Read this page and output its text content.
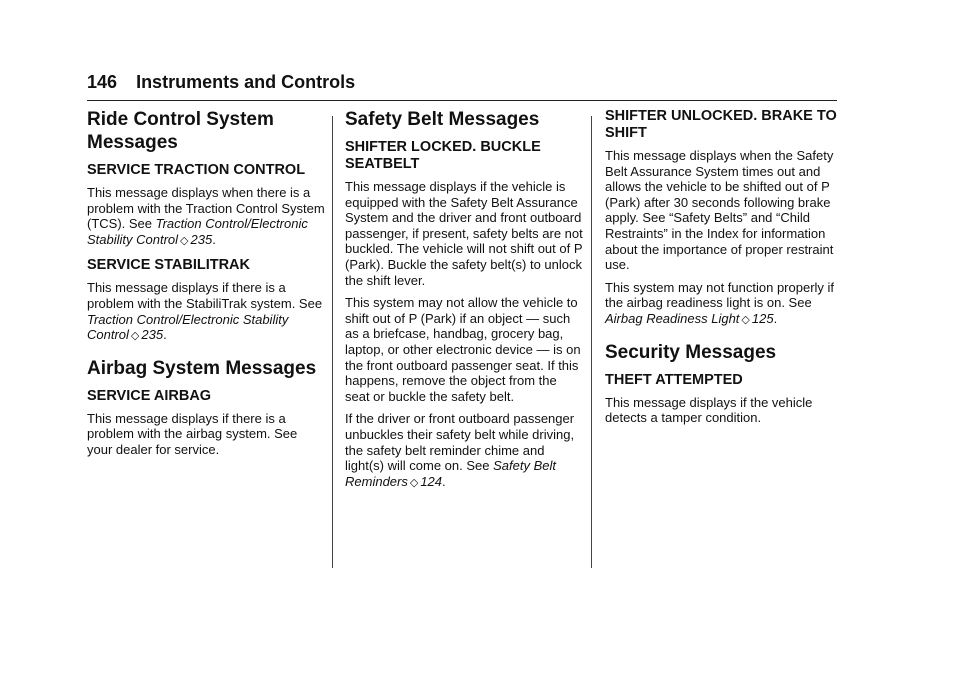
146 Instruments and Controls
Ride Control System Messages
SERVICE TRACTION CONTROL

This message displays when there is a problem with the Traction Control System (TCS). See Traction Control/Electronic Stability Control ◇ 235.

SERVICE STABILITRAK

This message displays if there is a problem with the StabiliTrak system. See Traction Control/Electronic Stability Control ◇ 235.

Airbag System Messages
SERVICE AIRBAG

This message displays if there is a problem with the airbag system. See your dealer for service.

Safety Belt Messages
SHIFTER LOCKED. BUCKLE SEATBELT

This message displays if the vehicle is equipped with the Safety Belt Assurance System and the driver and front outboard passenger, if present, safety belts are not buckled. The vehicle will not shift out of P (Park). Buckle the safety belt(s) to unlock the shift lever.

This system may not allow the vehicle to shift out of P (Park) if an object — such as a briefcase, handbag, grocery bag, laptop, or other electronic device — is on the front outboard passenger seat. If this happens, remove the object from the seat or buckle the safety belt.

If the driver or front outboard passenger unbuckles their safety belt while driving, the safety belt reminder chime and light(s) will come on. See Safety Belt Reminders ◇ 124.

SHIFTER UNLOCKED. BRAKE TO SHIFT

This message displays when the Safety Belt Assurance System times out and allows the vehicle to be shifted out of P (Park) after 30 seconds following brake apply. See “Safety Belts” and “Child Restraints” in the Index for information about the importance of proper restraint use.

This system may not function properly if the airbag readiness light is on. See Airbag Readiness Light ◇ 125.

Security Messages
THEFT ATTEMPTED

This message displays if the vehicle detects a tamper condition.
